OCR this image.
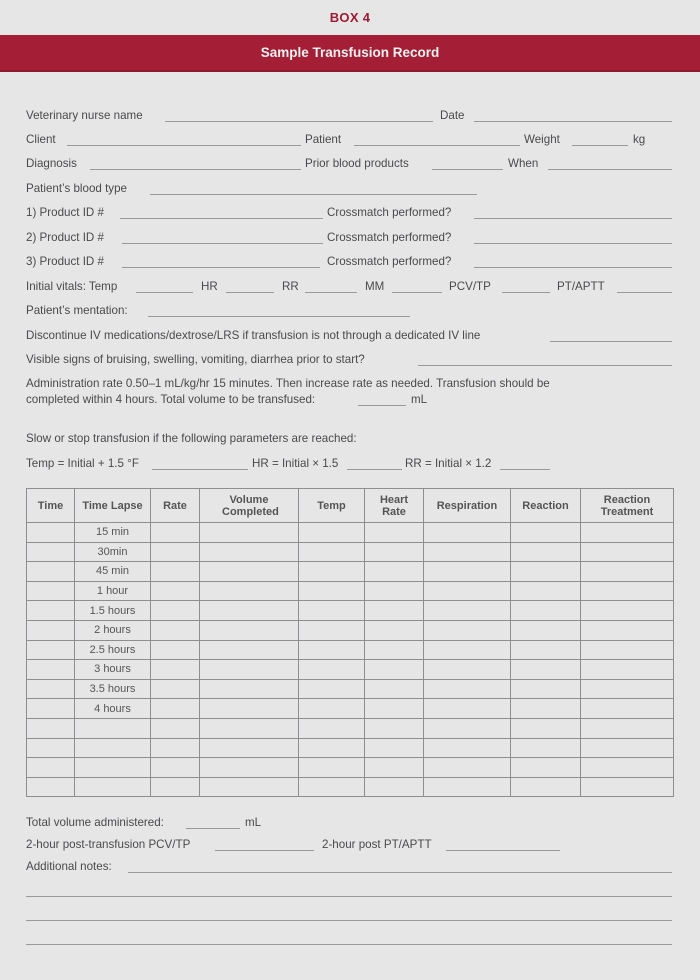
BOX 4
Sample Transfusion Record
Veterinary nurse name	Date
Client	Patient	Weight	kg
Diagnosis	Prior blood products	When
Patient’s blood type
1) Product ID #	Crossmatch performed?
2) Product ID #	Crossmatch performed?
3) Product ID #	Crossmatch performed?
Initial vitals: Temp	HR	RR	MM	PCV/TP	PT/APTT
Patient’s mentation:
Discontinue IV medications/dextrose/LRS if transfusion is not through a dedicated IV line
Visible signs of bruising, swelling, vomiting, diarrhea prior to start?
Administration rate 0.50–1 mL/kg/hr 15 minutes. Then increase rate as needed. Transfusion should be
completed within 4 hours. Total volume to be transfused:	mL
Slow or stop transfusion if the following parameters are reached:
Temp = Initial + 1.5 °F	HR = Initial × 1.5	RR = Initial × 1.2
Time	Time Lapse	Rate	Volume Completed	Temp	Heart Rate	Respiration	Reaction	Reaction Treatment
	15 min							
	30min							
	45 min							
	1 hour							
	1.5 hours							
	2 hours							
	2.5 hours							
	3 hours							
	3.5 hours							
	4 hours							

Total volume administered:	mL
2-hour post-transfusion PCV/TP	2-hour post PT/APTT
Additional notes:
